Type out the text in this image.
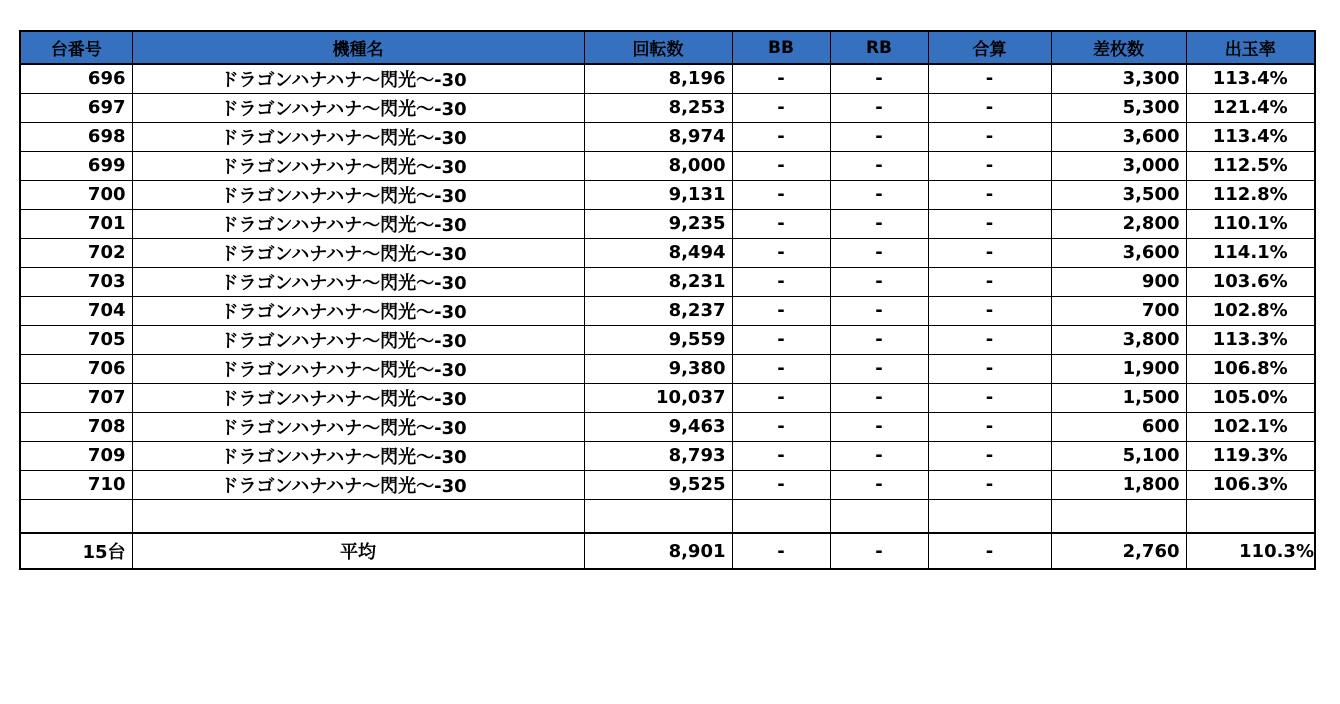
台番号	機種名	回転数	BB	RB	合算	差枚数	出玉率
696	ドラゴンハナハナ～閃光～-30	8,196	-	-	-	3,300	113.4%
697	ドラゴンハナハナ～閃光～-30	8,253	-	-	-	5,300	121.4%
698	ドラゴンハナハナ～閃光～-30	8,974	-	-	-	3,600	113.4%
699	ドラゴンハナハナ～閃光～-30	8,000	-	-	-	3,000	112.5%
700	ドラゴンハナハナ～閃光～-30	9,131	-	-	-	3,500	112.8%
701	ドラゴンハナハナ～閃光～-30	9,235	-	-	-	2,800	110.1%
702	ドラゴンハナハナ～閃光～-30	8,494	-	-	-	3,600	114.1%
703	ドラゴンハナハナ～閃光～-30	8,231	-	-	-	900	103.6%
704	ドラゴンハナハナ～閃光～-30	8,237	-	-	-	700	102.8%
705	ドラゴンハナハナ～閃光～-30	9,559	-	-	-	3,800	113.3%
706	ドラゴンハナハナ～閃光～-30	9,380	-	-	-	1,900	106.8%
707	ドラゴンハナハナ～閃光～-30	10,037	-	-	-	1,500	105.0%
708	ドラゴンハナハナ～閃光～-30	9,463	-	-	-	600	102.1%
709	ドラゴンハナハナ～閃光～-30	8,793	-	-	-	5,100	119.3%
710	ドラゴンハナハナ～閃光～-30	9,525	-	-	-	1,800	106.3%

15台	平均	8,901	-	-	-	2,760	110.3%
